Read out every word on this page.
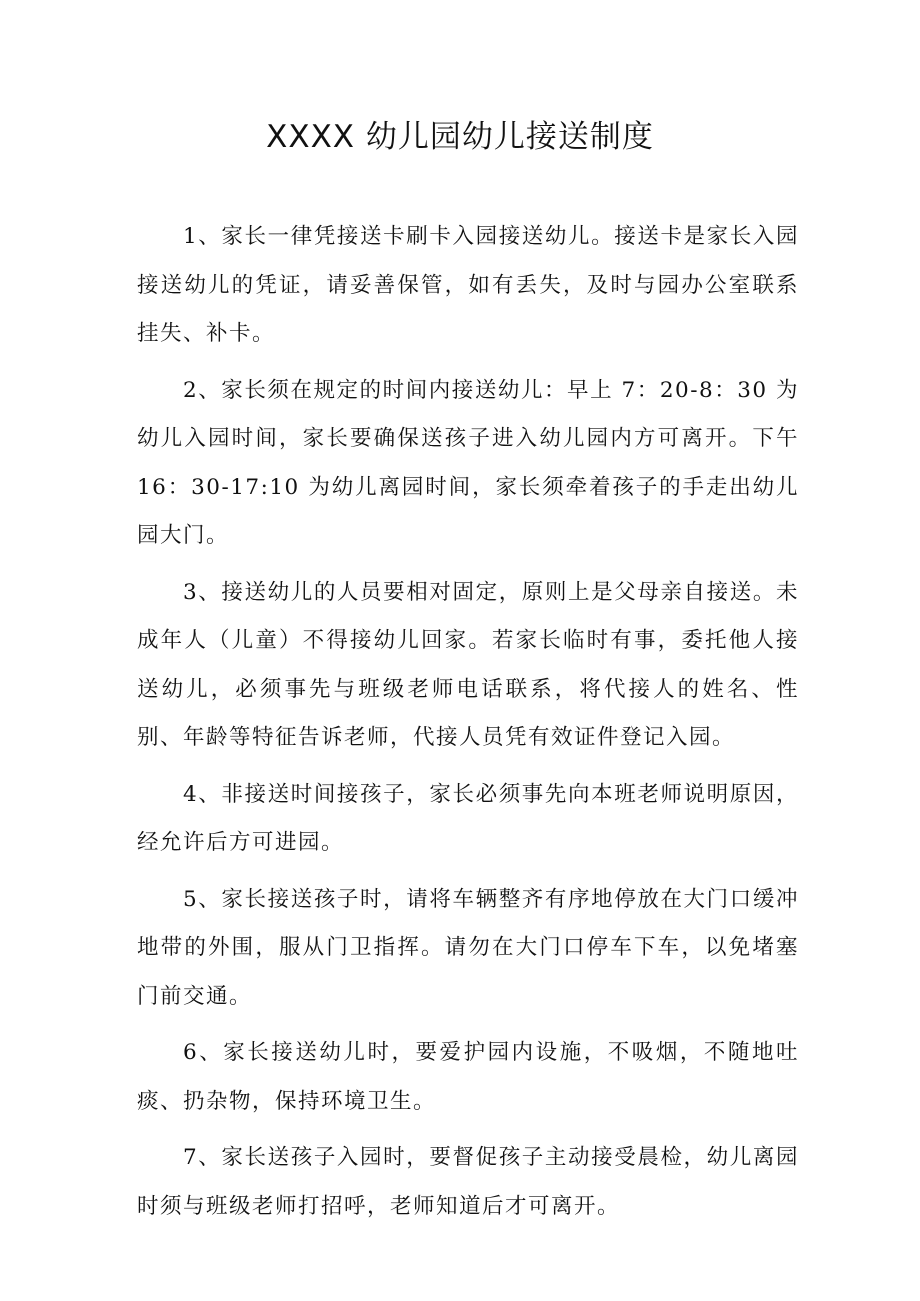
XXXX 幼儿园幼儿接送制度

1、家长一律凭接送卡刷卡入园接送幼儿。接送卡是家长入园接送幼儿的凭证，请妥善保管，如有丢失，及时与园办公室联系挂失、补卡。

2、家长须在规定的时间内接送幼儿：早上 7：20-8：30 为幼儿入园时间，家长要确保送孩子进入幼儿园内方可离开。下午 16：30-17:10 为幼儿离园时间，家长须牵着孩子的手走出幼儿园大门。

3、接送幼儿的人员要相对固定，原则上是父母亲自接送。未成年人（儿童）不得接幼儿回家。若家长临时有事，委托他人接送幼儿，必须事先与班级老师电话联系，将代接人的姓名、性别、年龄等特征告诉老师，代接人员凭有效证件登记入园。

4、非接送时间接孩子，家长必须事先向本班老师说明原因，经允许后方可进园。

5、家长接送孩子时，请将车辆整齐有序地停放在大门口缓冲地带的外围，服从门卫指挥。请勿在大门口停车下车，以免堵塞门前交通。

6、家长接送幼儿时，要爱护园内设施，不吸烟，不随地吐痰、扔杂物，保持环境卫生。

7、家长送孩子入园时，要督促孩子主动接受晨检，幼儿离园时须与班级老师打招呼，老师知道后才可离开。
